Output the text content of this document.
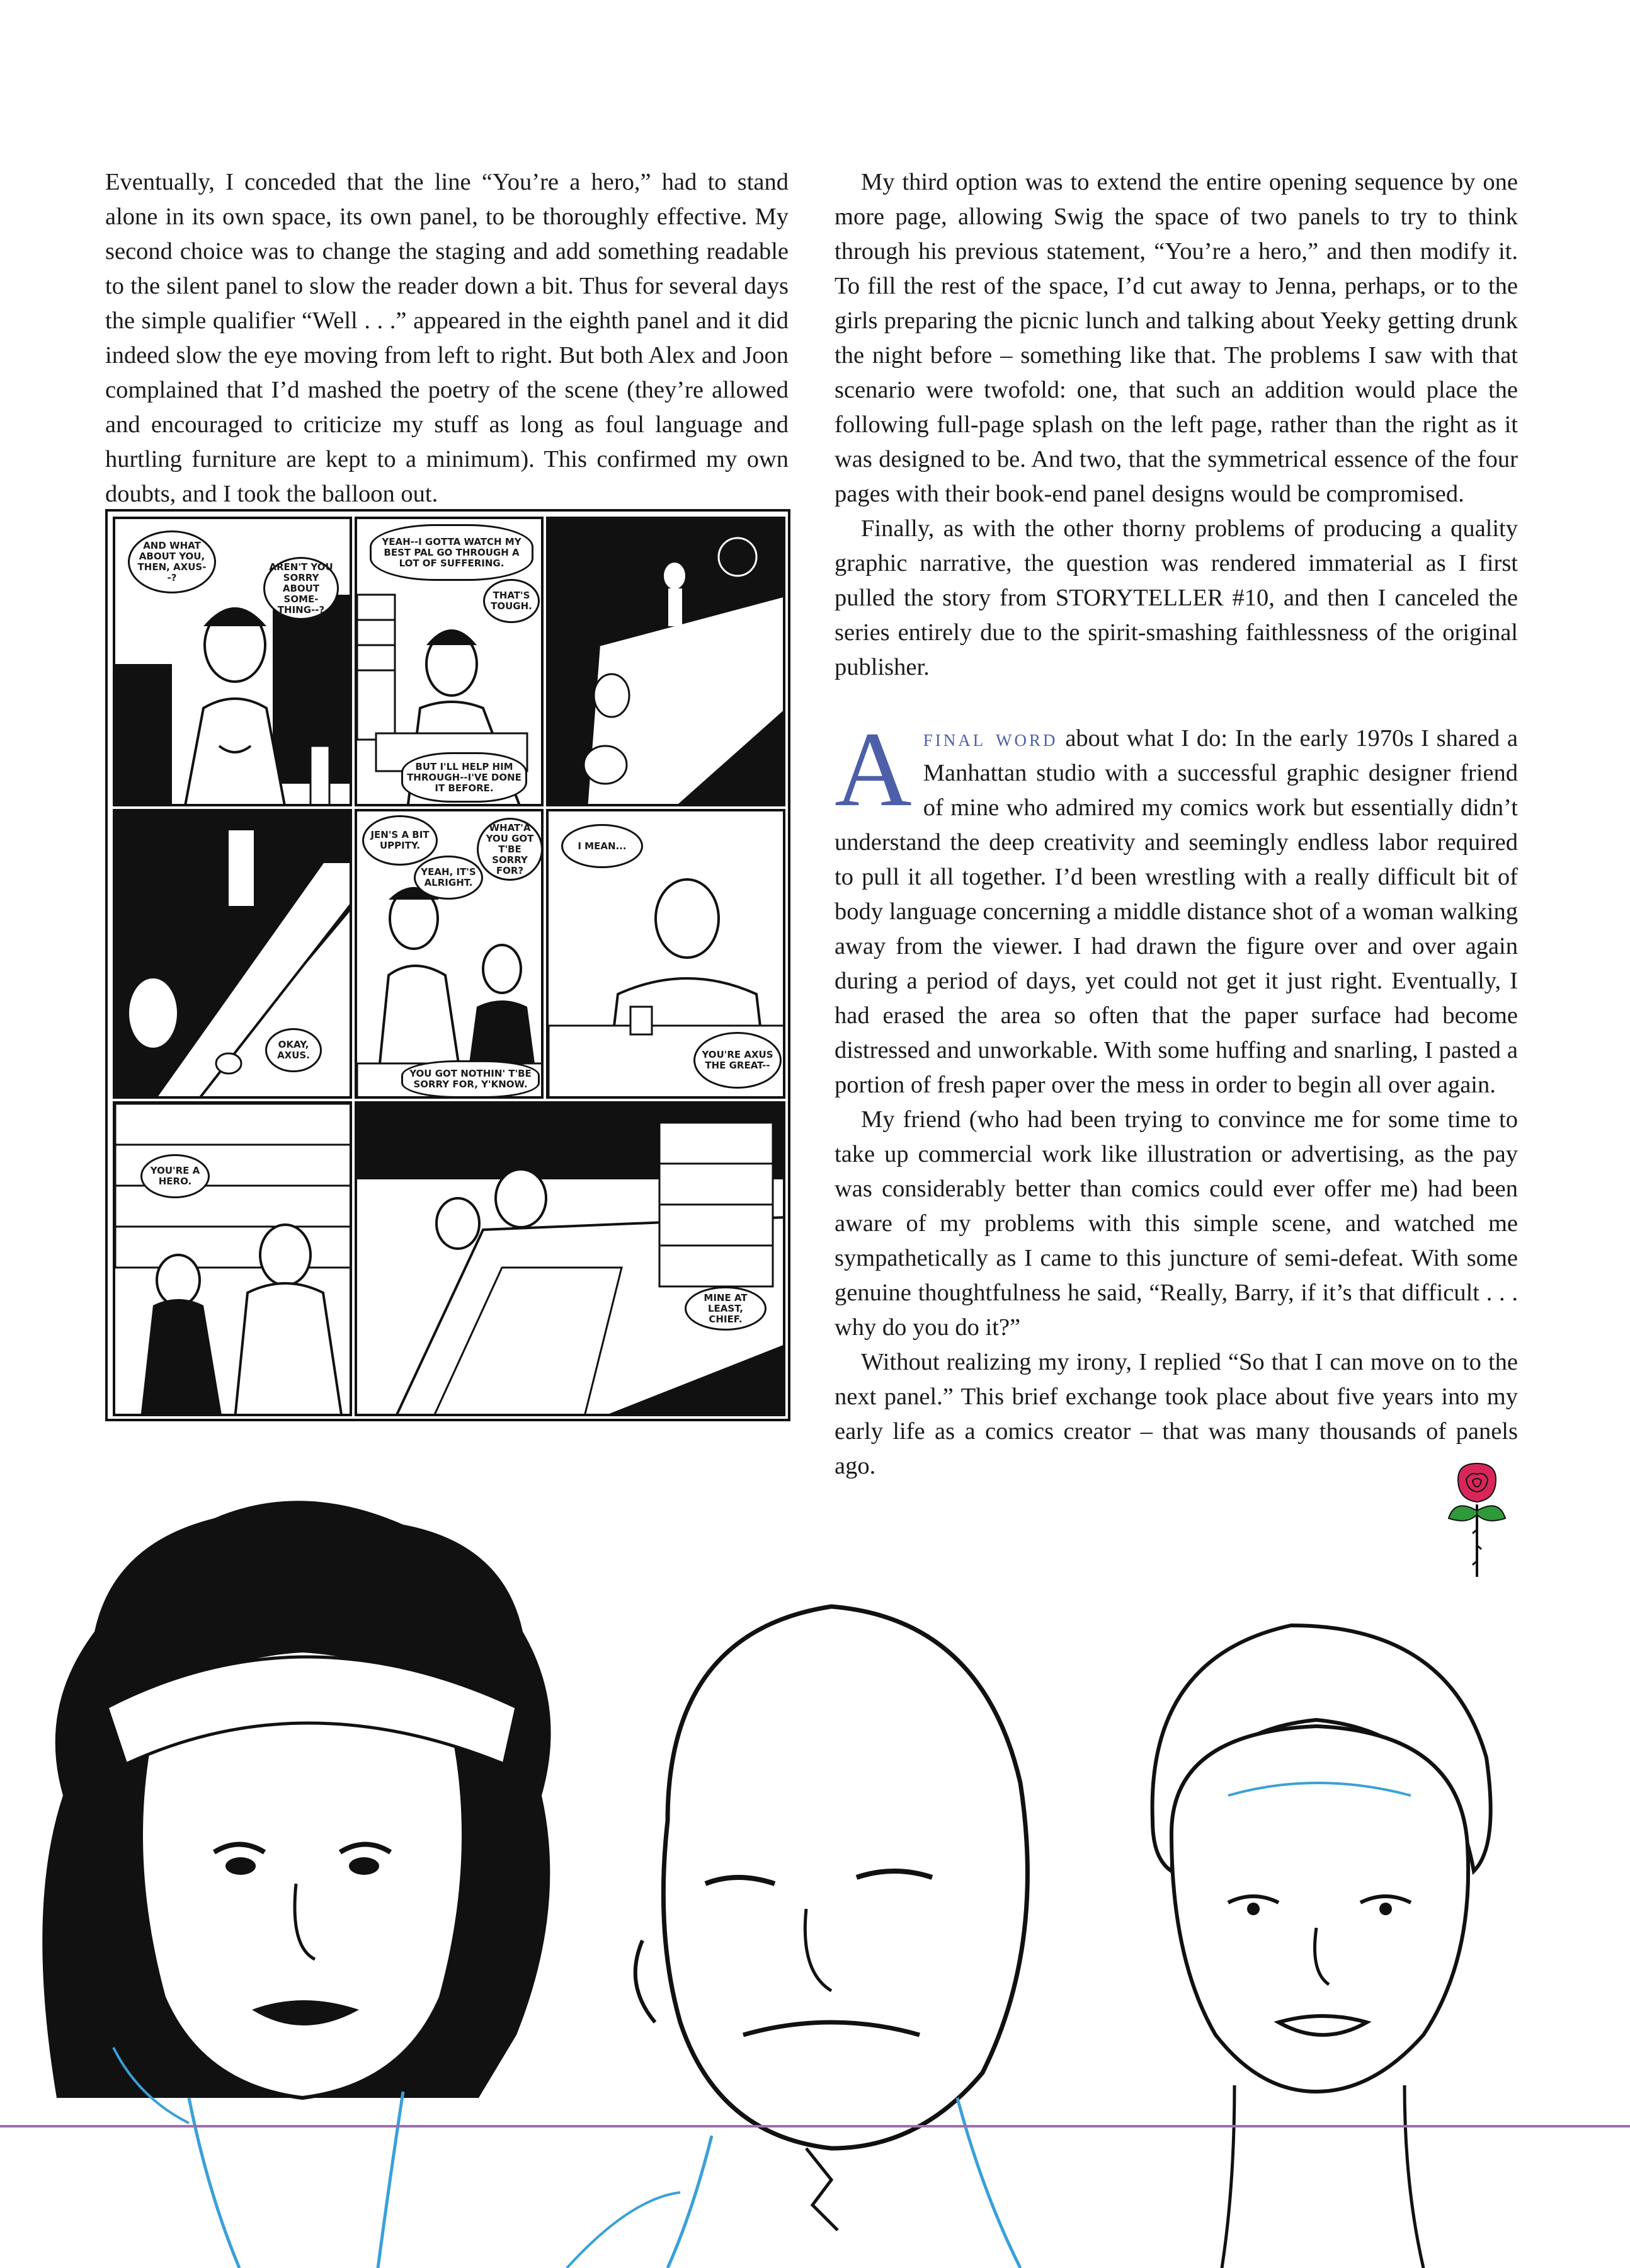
Eventually, I conceded that the line “You’re a hero,” had to stand alone in its own space, its own panel, to be thoroughly effective. My second choice was to change the staging and add something readable to the silent panel to slow the reader down a bit. Thus for several days the simple qualifier “Well . . .” appeared in the eighth panel and it did indeed slow the eye moving from left to right. But both Alex and Joon complained that I’d mashed the poetry of the scene (they’re allowed and encouraged to criticize my stuff as long as foul language and hurtling furniture are kept to a minimum). This confirmed my own doubts, and I took the balloon out.

AND WHAT ABOUT YOU, THEN, AXUS--?
AREN'T YOU SORRY ABOUT SOME-THING--?
YEAH--I GOTTA WATCH MY BEST PAL GO THROUGH A LOT OF SUFFERING.
THAT'S TOUGH.
BUT I'LL HELP HIM THROUGH--I'VE DONE IT BEFORE.
JEN'S A BIT UPPITY.
YEAH, IT'S ALRIGHT.
WHAT'A YOU GOT T'BE SORRY FOR?
YOU GOT NOTHIN' T'BE SORRY FOR, Y'KNOW.
I MEAN...
YOU'RE AXUS THE GREAT--
OKAY, AXUS.
YOU'RE A HERO.
MINE AT LEAST, CHIEF.

My third option was to extend the entire opening sequence by one more page, allowing Swig the space of two panels to try to think through his previous statement, “You’re a hero,” and then modify it. To fill the rest of the space, I’d cut away to Jenna, perhaps, or to the girls preparing the picnic lunch and talking about Yeeky getting drunk the night before – something like that. The problems I saw with that scenario were twofold: one, that such an addition would place the following full-page splash on the left page, rather than the right as it was designed to be. And two, that the symmetrical essence of the four pages with their book-end panel designs would be compromised.

Finally, as with the other thorny problems of producing a quality graphic narrative, the question was rendered immaterial as I first pulled the story from STORYTELLER #10, and then I canceled the series entirely due to the spirit-smashing faithlessness of the original publisher.

Afinal word about what I do: In the early 1970s I shared a Manhattan studio with a successful graphic designer friend of mine who admired my comics work but essentially didn’t understand the deep creativity and seemingly endless labor required to pull it all together. I’d been wrestling with a really difficult bit of body language concerning a middle distance shot of a woman walking away from the viewer. I had drawn the figure over and over again during a period of days, yet could not get it just right. Eventually, I had erased the area so often that the paper surface had become distressed and unworkable. With some huffing and snarling, I pasted a portion of fresh paper over the mess in order to begin all over again.

My friend (who had been trying to convince me for some time to take up commercial work like illustration or advertising, as the pay was considerably better than comics could ever offer me) had been aware of my problems with this simple scene, and watched me sympathetically as I came to this juncture of semi-defeat. With some genuine thoughtfulness he said, “Really, Barry, if it’s that difficult . . . why do you do it?”

Without realizing my irony, I replied “So that I can move on to the next panel.” This brief exchange took place about five years into my early life as a comics creator – that was many thousands of panels ago.
